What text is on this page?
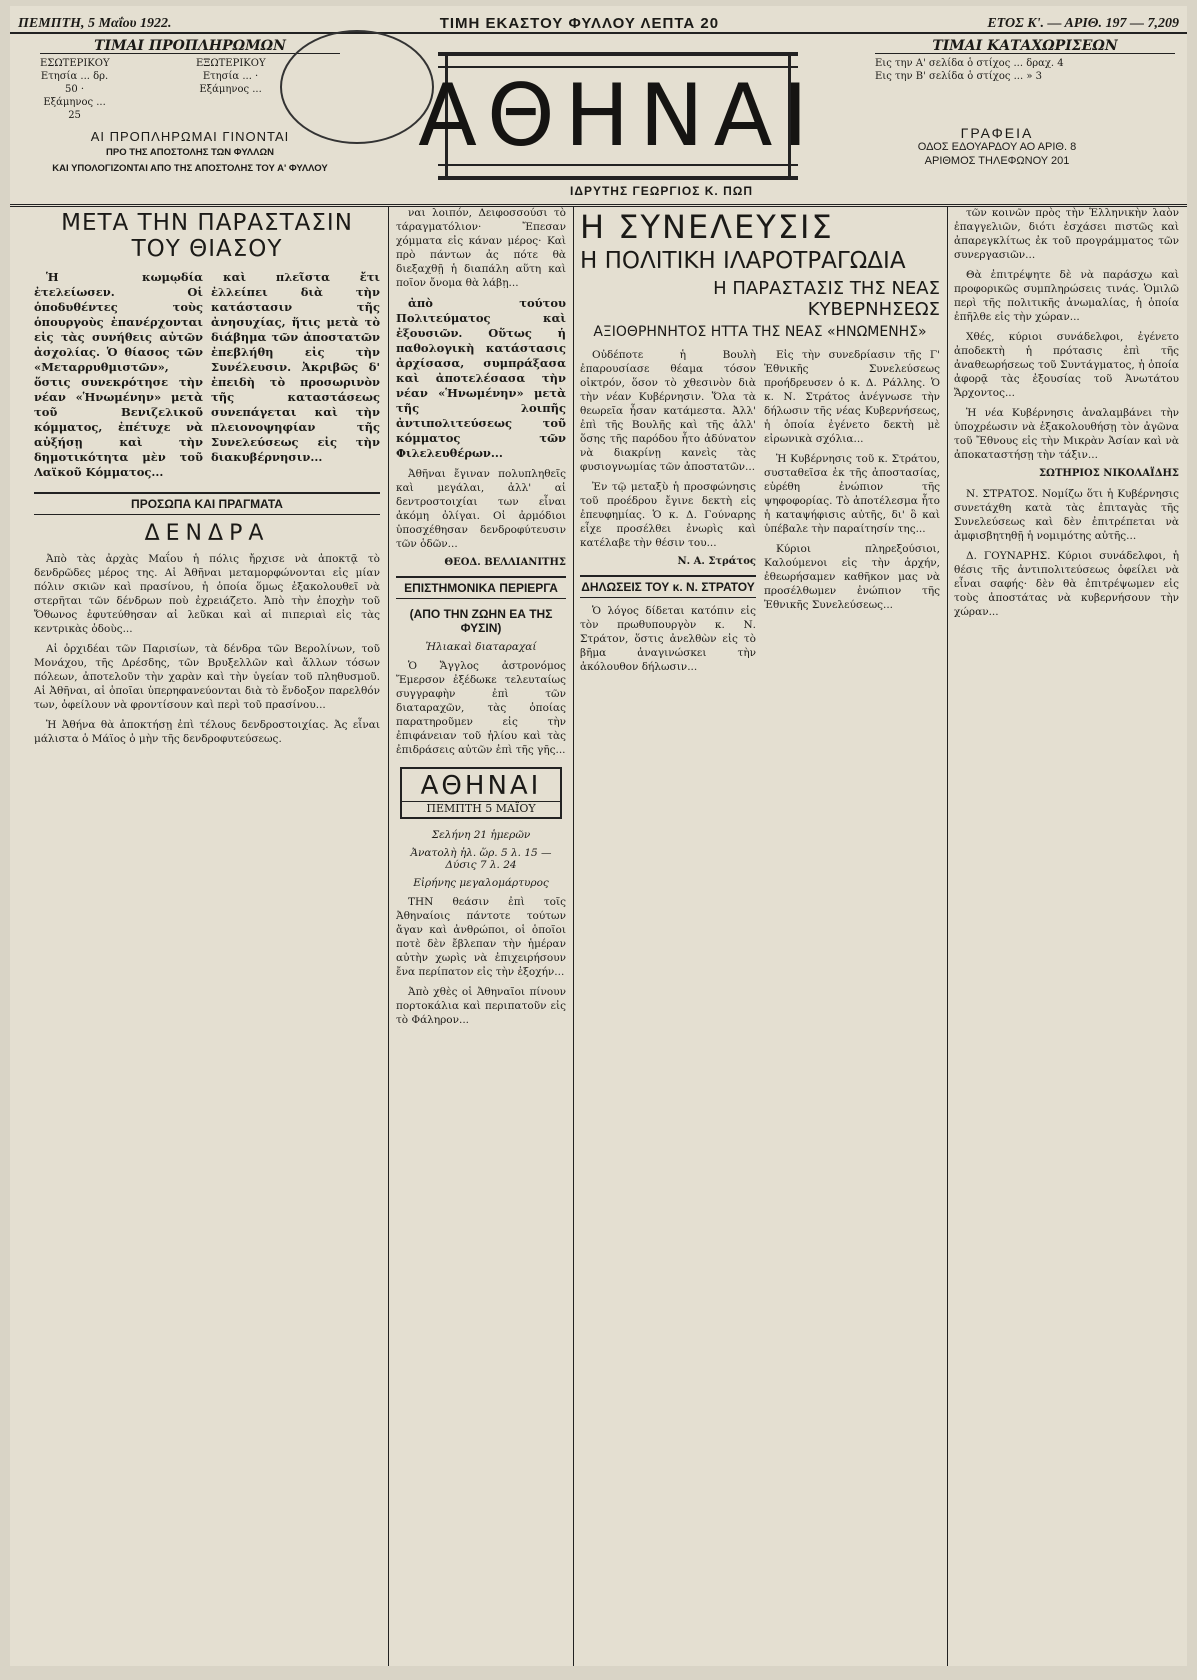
ΠΕΜΠΤΗ, 5 Μαΐου 1922.	ΤΙΜΗ ΕΚΑΣΤΟΥ ΦΥΛΛΟΥ ΛΕΠΤΑ 20	ΕΤΟΣ Κ'. — ΑΡΙΘ. 197 — 7,209
ΤΙΜΑΙ ΠΡΟΠΛΗΡΩΜΩΝ
ΕΣΩΤΕΡΙΚΟΥ
Ετησία ... δρ. 50 · Εξάμηνος ... 25
ΕΞΩΤΕΡΙΚΟΥ
Ετησία ... · Εξάμηνος ...
ΑΙ ΠΡΟΠΛΗΡΩΜΑΙ ΓΙΝΟΝΤΑΙ
ΠΡΟ ΤΗΣ ΑΠΟΣΤΟΛΗΣ ΤΩΝ ΦΥΛΛΩΝ
ΚΑΙ ΥΠΟΛΟΓΙΖΟΝΤΑΙ ΑΠΟ ΤΗΣ ΑΠΟΣΤΟΛΗΣ ΤΟΥ Α' ΦΥΛΛΟΥ
ΑΘΗΝΑΙ
ΙΔΡΥΤΗΣ ΓΕΩΡΓΙΟΣ Κ. ΠΩΠ
ΤΙΜΑΙ ΚΑΤΑΧΩΡΙΣΕΩΝ
Εις την Α' σελίδα ὁ στίχος ... δραχ. 4
Εις την Β' σελίδα ὁ στίχος ... » 3
ΓΡΑΦΕΙΑ
ΟΔΟΣ ΕΔΟΥΑΡΔΟΥ ΑΟ ΑΡΙΘ. 8
ΑΡΙΘΜΟΣ ΤΗΛΕΦΩΝΟΥ 201
ΜΕΤΑ ΤΗΝ ΠΑΡΑΣΤΑΣΙΝ ΤΟΥ ΘΙΑΣΟΥ

Ἡ κωμῳδία ἐτελείωσεν. Οἱ ὁποδυθέντες τοὺς ὁπουργοὺς ἐπανέρχονται εἰς τὰς συνήθεις αὐτῶν ἀσχολίας. Ὁ θίασος τῶν «Μεταρρυθμιστῶν», ὅστις συνεκρότησε τὴν νέαν «Ἡνωμένην» μετὰ τοῦ Βενιζελικοῦ κόμματος, ἐπέτυχε νὰ αὐξήσῃ καὶ τὴν δημοτικότητα μὲν τοῦ Λαϊκοῦ Κόμματος...

καὶ πλεῖστα ἔτι ἐλλείπει διὰ τὴν κατάστασιν τῆς ἀνησυχίας, ἥτις μετὰ τὸ διάβημα τῶν ἀποστατῶν ἐπεβλήθη εἰς τὴν Συνέλευσιν. Ἀκριβῶς δ' ἐπειδὴ τὸ προσωρινὸν τῆς καταστάσεως συνεπάγεται καὶ τὴν πλειονοψηφίαν τῆς Συνελεύσεως εἰς τὴν διακυβέρνησιν...

ΠΡΟΣΩΠΑ ΚΑΙ ΠΡΑΓΜΑΤΑ
ΔΕΝΔΡΑ

Ἀπὸ τὰς ἀρχὰς Μαΐου ἡ πόλις ἤρχισε νὰ ἀποκτᾷ τὸ δενδρῶδες μέρος της. Αἱ Ἀθῆναι μεταμορφώνονται εἰς μίαν πόλιν σκιῶν καὶ πρασίνου, ἡ ὁποία ὅμως ἐξακολουθεῖ νὰ στερῆται τῶν δένδρων ποὺ ἐχρειάζετο. Ἀπὸ τὴν ἐποχὴν τοῦ Ὄθωνος ἐφυτεύθησαν αἱ λεῦκαι καὶ αἱ πιπεριαὶ εἰς τὰς κεντρικὰς ὁδοὺς...

Αἱ ὀρχιδέαι τῶν Παρισίων, τὰ δένδρα τῶν Βερολίνων, τοῦ Μονάχου, τῆς Δρέσδης, τῶν Βρυξελλῶν καὶ ἄλλων τόσων πόλεων, ἀποτελοῦν τὴν χαρὰν καὶ τὴν ὑγείαν τοῦ πληθυσμοῦ. Αἱ Ἀθῆναι, αἱ ὁποῖαι ὑπερηφανεύονται διὰ τὸ ἔνδοξον παρελθόν των, ὀφείλουν νὰ φροντίσουν καὶ περὶ τοῦ πρασίνου...

Ἡ Ἀθήνα θὰ ἀποκτήσῃ ἐπὶ τέλους δενδροστοιχίας. Ἀς εἶναι μάλιστα ὁ Μάϊος ὁ μὴν τῆς δενδροφυτεύσεως.

ναι λοιπόν, Δειφοσσούσι τὸ τάραγματόλιον· Ἔπεσαν χόμματα εἰς κάναν μέρος· Καὶ πρὸ πάντων ἀς πότε θὰ διεξαχθῇ ἡ διαπάλη αὕτη καὶ ποῖον ὄνομα θὰ λάβῃ...

ἀπὸ τούτου Πολιτεύματος καὶ ἐξουσιῶν. Οὕτως ἡ παθολογικὴ κατάστασις ἀρχίσασα, συμπράξασα καὶ ἀποτελέσασα τὴν νέαν «Ἡνωμένην» μετὰ τῆς λοιπῆς ἀντιπολιτεύσεως τοῦ κόμματος τῶν Φιλελευθέρων...

Ἀθῆναι ἔγιναν πολυπληθεῖς καὶ μεγάλαι, ἀλλ' αἱ δεντροστοιχίαι των εἶναι ἀκόμη ὀλίγαι. Οἱ ἀρμόδιοι ὑποσχέθησαν δενδροφύτευσιν τῶν ὁδῶν...

ΘΕΟΔ. ΒΕΛΛΙΑΝΙΤΗΣ
ΕΠΙΣΤΗΜΟΝΙΚΑ ΠΕΡΙΕΡΓΑ
(ΑΠΟ ΤΗΝ ΖΩΗΝ ΕΑ ΤΗΣ ΦΥΣΙΝ)
Ἠλιακαὶ διαταραχαί

Ὁ Ἄγγλος ἀστρονόμος Ἔμερσον ἐξέδωκε τελευταίως συγγραφὴν ἐπὶ τῶν διαταραχῶν, τὰς ὁποίας παρατηροῦμεν εἰς τὴν ἐπιφάνειαν τοῦ ἡλίου καὶ τὰς ἐπιδράσεις αὐτῶν ἐπὶ τῆς γῆς...

ΑΘΗΝΑΙ
ΠΕΜΠΤΗ 5 ΜΑΪΟΥ
Σελήνη 21 ἡμερῶν
Ἀνατολὴ ἡλ. ὥρ. 5 λ. 15 — Δύσις 7 λ. 24
Εἰρήνης μεγαλομάρτυρος

ΤΗΝ θεάσιν ἐπὶ τοῖς Ἀθηναίοις πάντοτε τούτων ἄγαν καὶ ἀνθρώποι, οἱ ὁποῖοι ποτὲ δὲν ἔβλεπαν τὴν ἡμέραν αὐτὴν χωρὶς νὰ ἐπιχειρήσουν ἔνα περίπατον εἰς τὴν ἐξοχήν...

Ἀπὸ χθὲς οἱ Ἀθηναῖοι πίνουν πορτοκάλια καὶ περιπατοῦν εἰς τὸ Φάληρον...

Η ΣΥΝΕΛΕΥΣΙΣ
Η ΠΟΛΙΤΙΚΗ ΙΛΑΡΟΤΡΑΓΩΔΙΑ
Η ΠΑΡΑΣΤΑΣΙΣ ΤΗΣ ΝΕΑΣ ΚΥΒΕΡΝΗΣΕΩΣ
ΑΞΙΟΘΡΗΝΗΤΟΣ ΗΤΤΑ ΤΗΣ ΝΕΑΣ «ΗΝΩΜΕΝΗΣ»

Οὐδέποτε ἡ Βουλὴ ἐπαρουσίασε θέαμα τόσον οἰκτρόν, ὅσον τὸ χθεσινὸν διὰ τὴν νέαν Κυβέρνησιν. Ὅλα τὰ θεωρεῖα ἦσαν κατάμεστα. Ἀλλ' ἐπὶ τῆς Βουλῆς καὶ τῆς ἀλλ' ὅσης τῆς παρόδου ἦτο ἀδύνατον νὰ διακρίνῃ κανεὶς τὰς φυσιογνωμίας τῶν ἀποστατῶν...

Ἐν τῷ μεταξὺ ἡ προσφώνησις τοῦ προέδρου ἔγινε δεκτὴ εἰς ἐπευφημίας. Ὁ κ. Δ. Γούναρης εἶχε προσέλθει ἐνωρὶς καὶ κατέλαβε τὴν θέσιν του...

Ν. Α. Στράτος
ΔΗΛΩΣΕΙΣ ΤΟΥ κ. Ν. ΣΤΡΑΤΟΥ

Ὁ λόγος δίδεται κατόπιν εἰς τὸν πρωθυπουργὸν κ. Ν. Στράτον, ὅστις ἀνελθὼν εἰς τὸ βῆμα ἀναγινώσκει τὴν ἀκόλουθον δήλωσιν...

Εἰς τὴν συνεδρίασιν τῆς Γ' Ἐθνικῆς Συνελεύσεως προήδρευσεν ὁ κ. Δ. Ράλλης. Ὁ κ. Ν. Στράτος ἀνέγνωσε τὴν δήλωσιν τῆς νέας Κυβερνήσεως, ἡ ὁποία ἐγένετο δεκτὴ μὲ εἰρωνικὰ σχόλια...

Ἡ Κυβέρνησις τοῦ κ. Στράτου, συσταθεῖσα ἐκ τῆς ἀποστασίας, εὑρέθη ἐνώπιον τῆς ψηφοφορίας. Τὸ ἀποτέλεσμα ἦτο ἡ καταψήφισις αὐτῆς, δι' ὃ καὶ ὑπέβαλε τὴν παραίτησίν της...

Κύριοι πληρεξούσιοι, Καλούμενοι εἰς τὴν ἀρχήν, ἐθεωρήσαμεν καθῆκον μας νὰ προσέλθωμεν ἐνώπιον τῆς Ἐθνικῆς Συνελεύσεως...

τῶν κοινῶν πρὸς τὴν Ἑλληνικὴν λαὸν ἐπαγγελιῶν, διότι ἐσχάσει πιστῶς καὶ ἀπαρεγκλίτως ἐκ τοῦ προγράμματος τῶν συνεργασιῶν...

Θὰ ἐπιτρέψητε δὲ νὰ παράσχω καὶ προφορικῶς συμπληρώσεις τινάς. Ὁμιλῶ περὶ τῆς πολιτικῆς ἀνωμαλίας, ἡ ὁποία ἐπῆλθε εἰς τὴν χώραν...

Χθές, κύριοι συνάδελφοι, ἐγένετο ἀποδεκτὴ ἡ πρότασις ἐπὶ τῆς ἀναθεωρήσεως τοῦ Συντάγματος, ἡ ὁποία ἀφορᾷ τὰς ἐξουσίας τοῦ Ἀνωτάτου Ἄρχοντος...

Ἡ νέα Κυβέρνησις ἀναλαμβάνει τὴν ὑποχρέωσιν νὰ ἐξακολουθήσῃ τὸν ἀγῶνα τοῦ Ἔθνους εἰς τὴν Μικρὰν Ἀσίαν καὶ νὰ ἀποκαταστήσῃ τὴν τάξιν...

ΣΩΤΗΡΙΟΣ ΝΙΚΟΛΑΪΔΗΣ

Ν. ΣΤΡΑΤΟΣ. Νομίζω ὅτι ἡ Κυβέρνησις συνετάχθη κατὰ τὰς ἐπιταγὰς τῆς Συνελεύσεως καὶ δὲν ἐπιτρέπεται νὰ ἀμφισβητηθῇ ἡ νομιμότης αὐτῆς...

Δ. ΓΟΥΝΑΡΗΣ. Κύριοι συνάδελφοι, ἡ θέσις τῆς ἀντιπολιτεύσεως ὀφείλει νὰ εἶναι σαφής· δὲν θὰ ἐπιτρέψωμεν εἰς τοὺς ἀποστάτας νὰ κυβερνήσουν τὴν χώραν...
